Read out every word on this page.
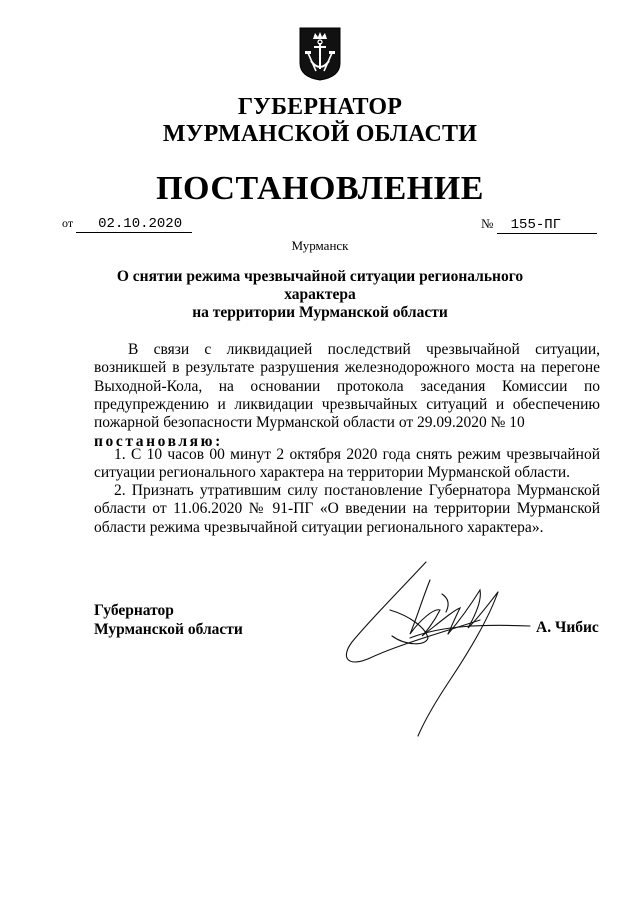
ГУБЕРНАТОР
МУРМАНСКОЙ ОБЛАСТИ
ПОСТАНОВЛЕНИЕ
от 02.10.2020	№ 155-ПГ
Мурманск
О снятии режима чрезвычайной ситуации регионального характера
на территории Мурманской области
В связи с ликвидацией последствий чрезвычайной ситуации, возникшей в результате разрушения железнодорожного моста на перегоне Выходной-Кола, на основании протокола заседания Комиссии по предупреждению и ликвидации чрезвычайных ситуаций и обеспечению пожарной безопасности Мурманской области от 29.09.2020 № 10
постановляю:
1. С 10 часов 00 минут 2 октября 2020 года снять режим чрезвычайной ситуации регионального характера на территории Мурманской области.
2. Признать утратившим силу постановление Губернатора Мурманской области от 11.06.2020 № 91-ПГ «О введении на территории Мурманской области режима чрезвычайной ситуации регионального характера».
Губернатор
Мурманской области	А. Чибис
